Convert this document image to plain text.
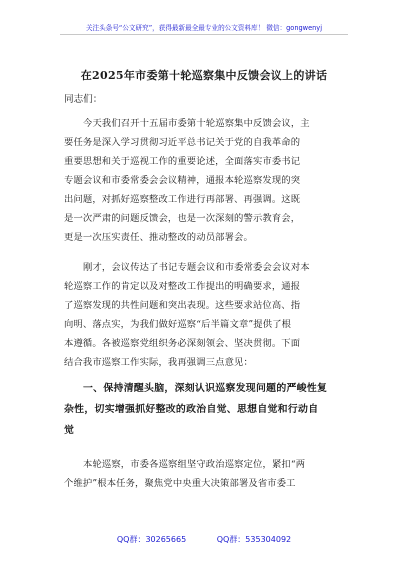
关注头条号“公文研究”，获得最新最全最专业的公文资料库！ 微信：gongwenyj
在2025年市委第十轮巡察集中反馈会议上的讲话
同志们：
今天我们召开十五届市委第十轮巡察集中反馈会议，主
要任务是深入学习贯彻习近平总书记关于党的自我革命的
重要思想和关于巡视工作的重要论述，全面落实市委书记
专题会议和市委常委会会议精神，通报本轮巡察发现的突
出问题，对抓好巡察整改工作进行再部署、再强调。这既
是一次严肃的问题反馈会，也是一次深刻的警示教育会，
更是一次压实责任、推动整改的动员部署会。
刚才，会议传达了书记专题会议和市委常委会会议对本
轮巡察工作的肯定以及对整改工作提出的明确要求，通报
了巡察发现的共性问题和突出表现。这些要求站位高、指
向明、落点实，为我们做好巡察“后半篇文章”提供了根
本遵循。各被巡察党组织务必深刻领会、坚决贯彻。下面
结合我市巡察工作实际，我再强调三点意见：
一、保持清醒头脑，深刻认识巡察发现问题的严峻性复
杂性，切实增强抓好整改的政治自觉、思想自觉和行动自
觉
本轮巡察，市委各巡察组坚守政治巡察定位，紧扣“两
个维护”根本任务，聚焦党中央重大决策部署及省市委工
QQ群：30265665	QQ群：535304092
